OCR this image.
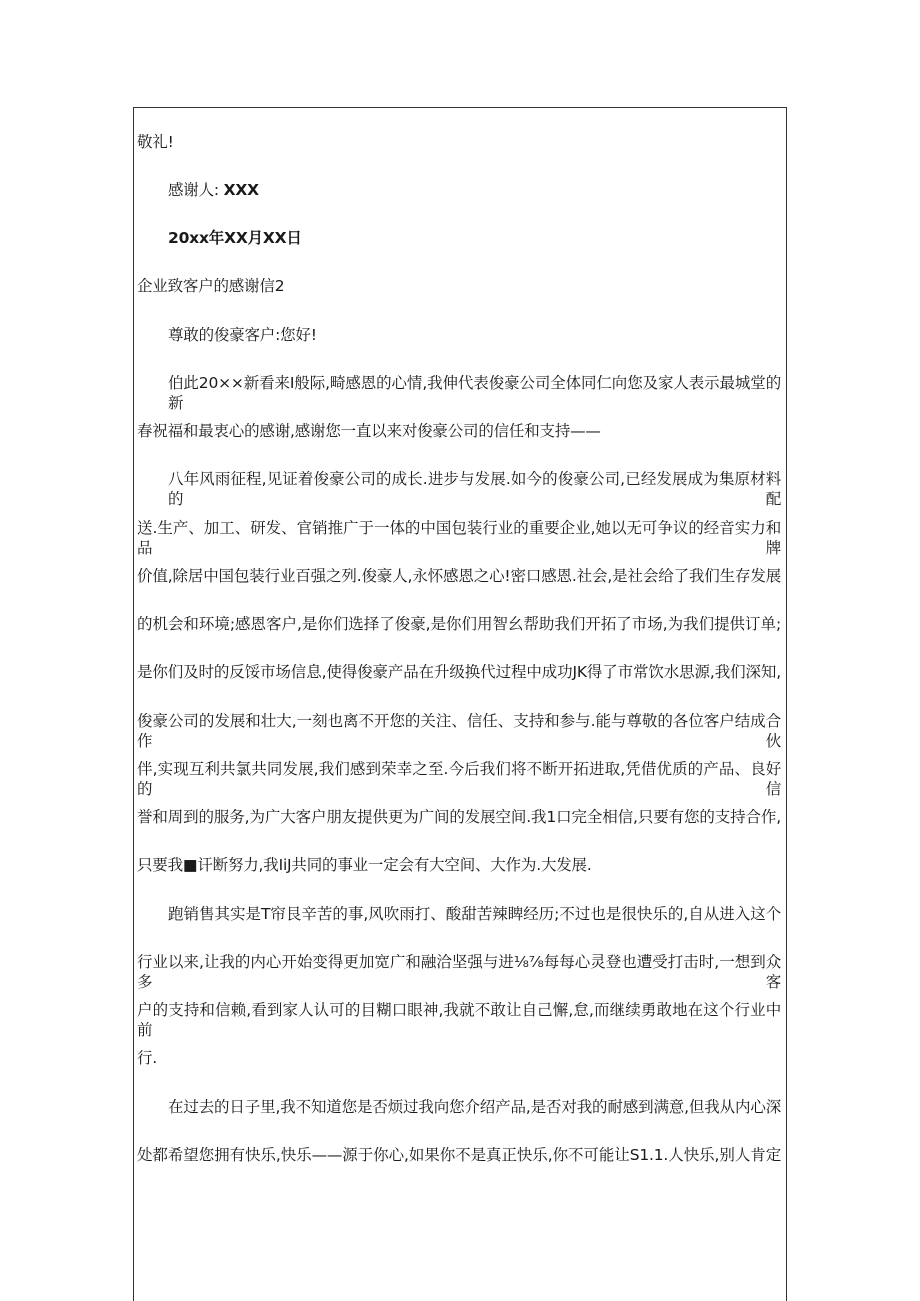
敬礼!
感谢人: XXX
20xx年XX月XX日
企业致客户的感谢信2
尊敢的俊豪客户:您好!
伯此20××新看来I般际,畸感恩的心情,我伸代表俊豪公司全体同仁向您及家人表示最城堂的新
春祝福和最衷心的感谢,感谢您一直以来对俊豪公司的信任和支持——
八年风雨征程,见证着俊豪公司的成长.进步与发展.如今的俊豪公司,已经发展成为集原材料的配
送.生产、加工、研发、官销推广于一体的中国包装行业的重要企业,她以无可争议的经音实力和品牌
价值,除居中国包装行业百强之列.俊豪人,永怀感恩之心!密口感恩.社会,是社会给了我们生存发展
的机会和环境;感恩客户,是你们选择了俊豪,是你们用智幺帮助我们开拓了市场,为我们提供订单;
是你们及时的反馁市场信息,使得俊豪产品在升级换代过程中成功JK得了市常饮水思源,我们深知,
俊豪公司的发展和壮大,一刻也离不开您的关注、信任、支持和参与.能与尊敬的各位客户结成合作伙
伴,实现互利共氯共同发展,我们感到荣幸之至.今后我们将不断开拓进取,凭借优质的产品、良好的信
誉和周到的服务,为广大客户朋友提供更为广间的发展空间.我1口完全相信,只要有您的支持合作,
只要我■讦断努力,我IiJ共同的事业一定会有大空间、大作为.大发展.
跑销售其实是T帘艮辛苦的事,风吹雨打、酸甜苦辣睥经历;不过也是很快乐的,自从进入这个
行业以来,让我的内心开始变得更加宽广和融洽坚强与进⅛⅞每每心灵登也遭受打击时,一想到众多客
户的支持和信赖,看到家人认可的目糊口眼神,我就不敢让自己懈,怠,而继续勇敢地在这个行业中前
行.
在过去的日子里,我不知道您是否烦过我向您介绍产品,是否对我的耐感到满意,但我从内心深
处都希望您拥有快乐,快乐——源于你心,如果你不是真正快乐,你不可能让S1.1.人快乐,别人肯定
